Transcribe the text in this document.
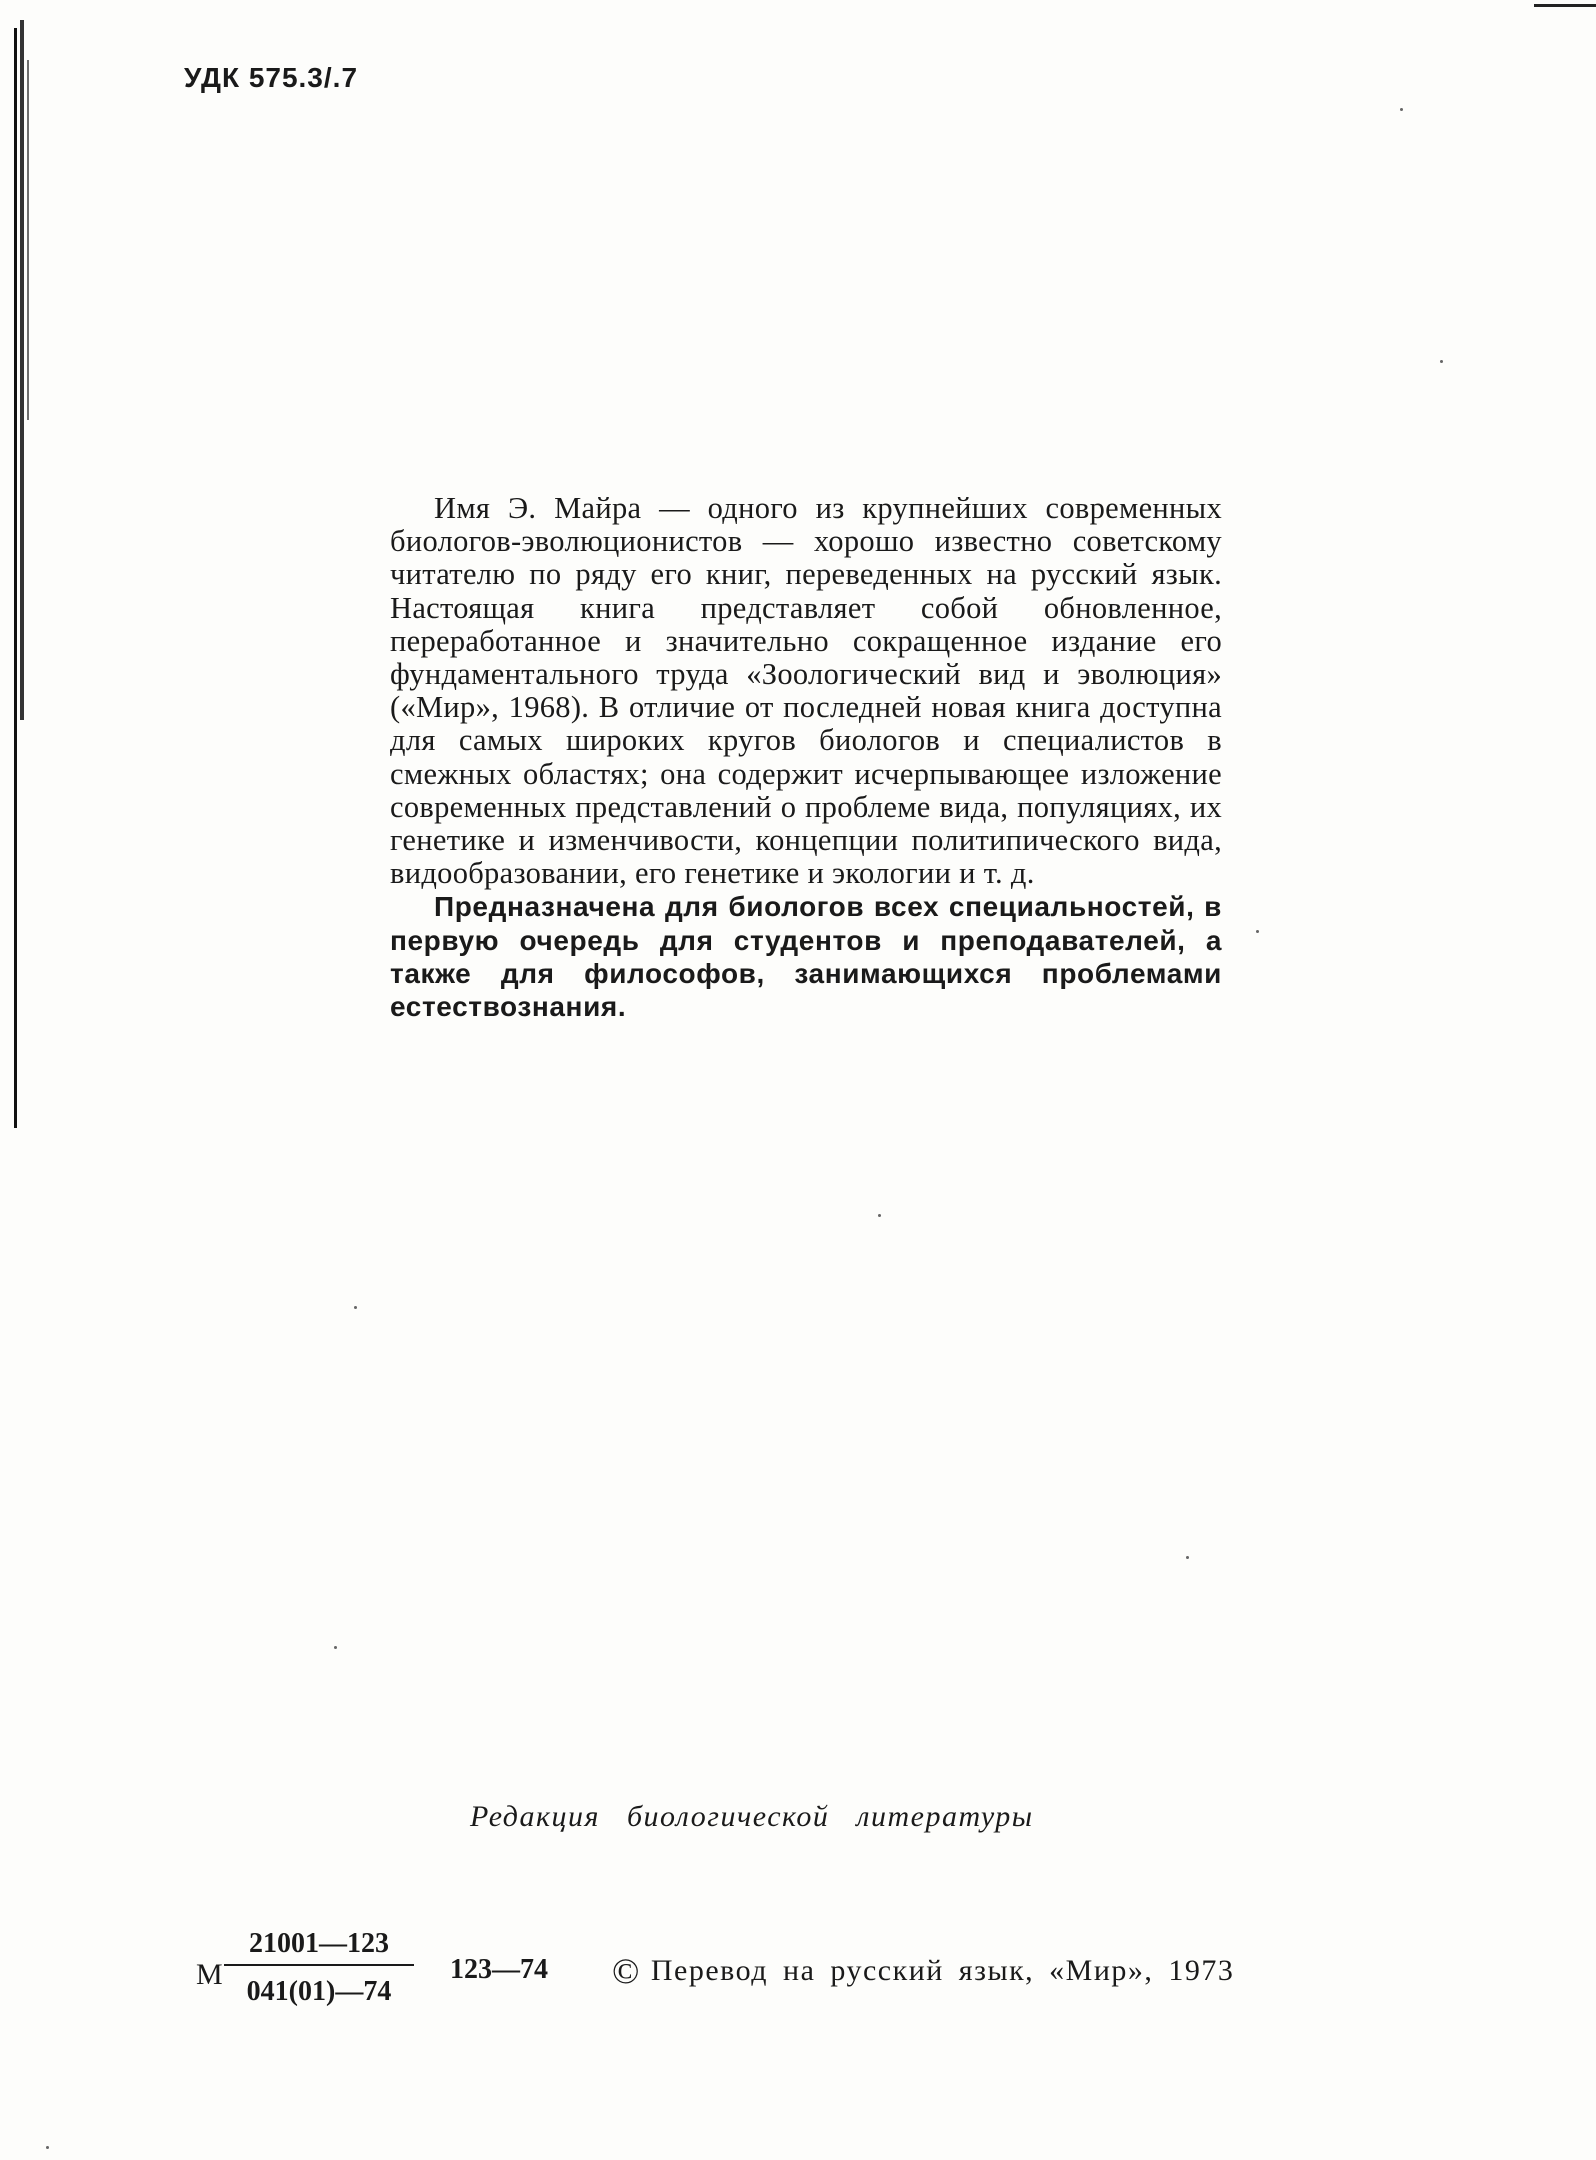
УДК 575.3/.7

Имя Э. Майра — одного из крупнейших современных биологов-эволюционистов — хорошо известно советскому читателю по ряду его книг, переведенных на русский язык. Настоящая книга представляет собой обновленное, переработанное и значительно сокращенное издание его фундаментального труда «Зоологический вид и эволюция» («Мир», 1968). В отличие от последней новая книга доступна для самых широких кругов биологов и специалистов в смежных областях; она содержит исчерпывающее изложение современных представлений о проблеме вида, популяциях, их генетике и изменчивости, концепции политипического вида, видообразовании, его генетике и экологии и т. д.

Предназначена для биологов всех специальностей, в первую очередь для студентов и преподавателей, а также для философов, занимающихся проблемами естествознания.

Редакция биологической литературы
М
21001—123
041(01)—74
123—74 © Перевод на русский язык, «Мир», 1973
